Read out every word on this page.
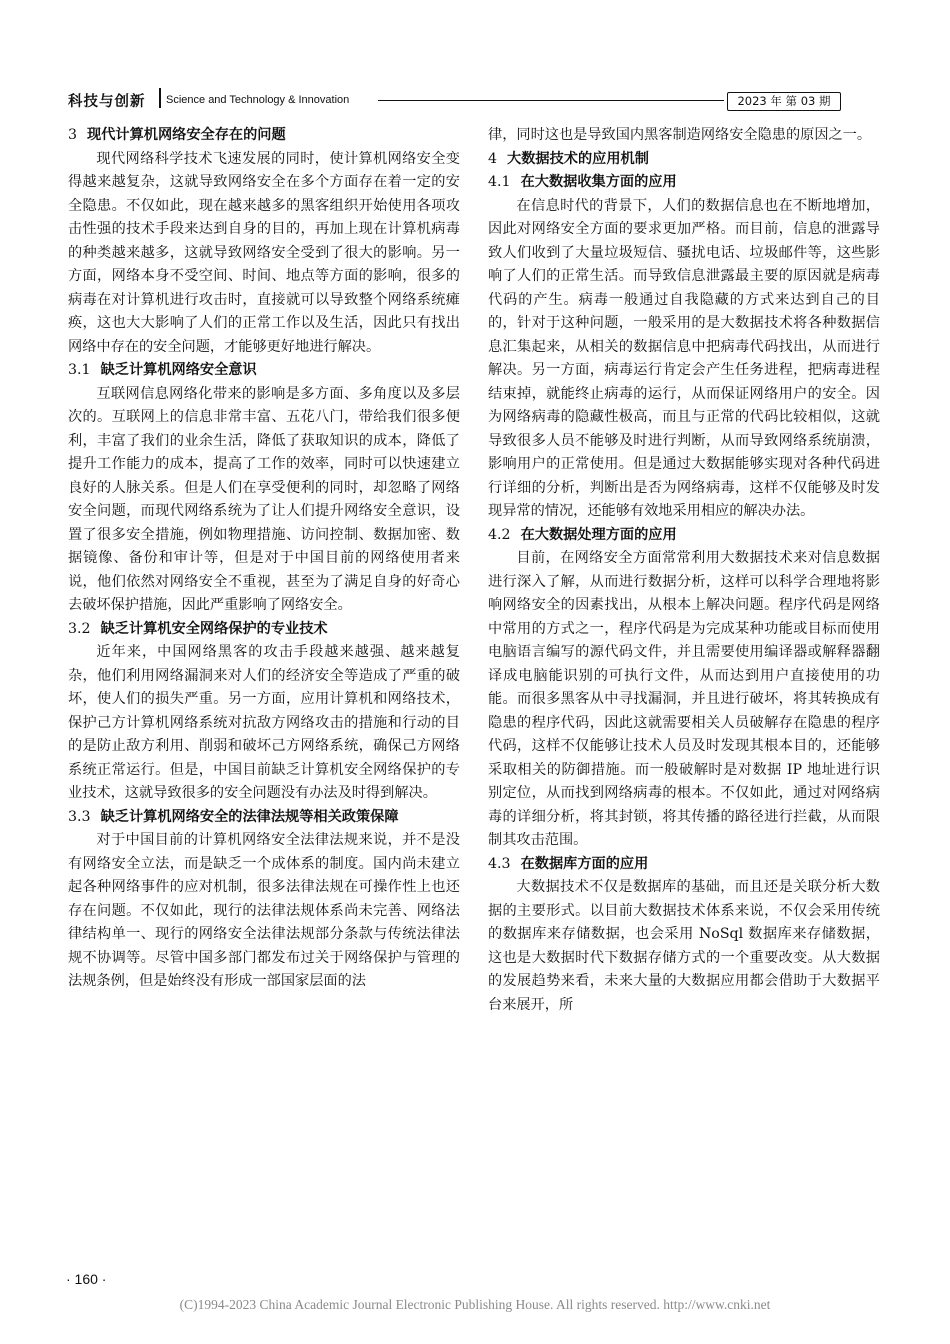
科技与创新 Science and Technology & Innovation	2023 年 第 03 期
3 现代计算机网络安全存在的问题

现代网络科学技术飞速发展的同时，使计算机网络安全变得越来越复杂，这就导致网络安全在多个方面存在着一定的安全隐患。不仅如此，现在越来越多的黑客组织开始使用各项攻击性强的技术手段来达到自身的目的，再加上现在计算机病毒的种类越来越多，这就导致网络安全受到了很大的影响。另一方面，网络本身不受空间、时间、地点等方面的影响，很多的病毒在对计算机进行攻击时，直接就可以导致整个网络系统瘫痪，这也大大影响了人们的正常工作以及生活，因此只有找出网络中存在的安全问题，才能够更好地进行解决。

3.1 缺乏计算机网络安全意识

互联网信息网络化带来的影响是多方面、多角度以及多层次的。互联网上的信息非常丰富、五花八门，带给我们很多便利，丰富了我们的业余生活，降低了获取知识的成本，降低了提升工作能力的成本，提高了工作的效率，同时可以快速建立良好的人脉关系。但是人们在享受便利的同时，却忽略了网络安全问题，而现代网络系统为了让人们提升网络安全意识，设置了很多安全措施，例如物理措施、访问控制、数据加密、数据镜像、备份和审计等，但是对于中国目前的网络使用者来说，他们依然对网络安全不重视，甚至为了满足自身的好奇心去破坏保护措施，因此严重影响了网络安全。

3.2 缺乏计算机安全网络保护的专业技术

近年来，中国网络黑客的攻击手段越来越强、越来越复杂，他们利用网络漏洞来对人们的经济安全等造成了严重的破坏，使人们的损失严重。另一方面，应用计算机和网络技术，保护己方计算机网络系统对抗敌方网络攻击的措施和行动的目的是防止敌方利用、削弱和破坏己方网络系统，确保己方网络系统正常运行。但是，中国目前缺乏计算机安全网络保护的专业技术，这就导致很多的安全问题没有办法及时得到解决。

3.3 缺乏计算机网络安全的法律法规等相关政策保障

对于中国目前的计算机网络安全法律法规来说，并不是没有网络安全立法，而是缺乏一个成体系的制度。国内尚未建立起各种网络事件的应对机制，很多法律法规在可操作性上也还存在问题。不仅如此，现行的法律法规体系尚未完善、网络法律结构单一、现行的网络安全法律法规部分条款与传统法律法规不协调等。尽管中国多部门都发布过关于网络保护与管理的法规条例，但是始终没有形成一部国家层面的法

律，同时这也是导致国内黑客制造网络安全隐患的原因之一。

4 大数据技术的应用机制
4.1 在大数据收集方面的应用

在信息时代的背景下，人们的数据信息也在不断地增加，因此对网络安全方面的要求更加严格。而目前，信息的泄露导致人们收到了大量垃圾短信、骚扰电话、垃圾邮件等，这些影响了人们的正常生活。而导致信息泄露最主要的原因就是病毒代码的产生。病毒一般通过自我隐藏的方式来达到自己的目的，针对于这种问题，一般采用的是大数据技术将各种数据信息汇集起来，从相关的数据信息中把病毒代码找出，从而进行解决。另一方面，病毒运行肯定会产生任务进程，把病毒进程结束掉，就能终止病毒的运行，从而保证网络用户的安全。因为网络病毒的隐藏性极高，而且与正常的代码比较相似，这就导致很多人员不能够及时进行判断，从而导致网络系统崩溃，影响用户的正常使用。但是通过大数据能够实现对各种代码进行详细的分析，判断出是否为网络病毒，这样不仅能够及时发现异常的情况，还能够有效地采用相应的解决办法。

4.2 在大数据处理方面的应用

目前，在网络安全方面常常利用大数据技术来对信息数据进行深入了解，从而进行数据分析，这样可以科学合理地将影响网络安全的因素找出，从根本上解决问题。程序代码是网络中常用的方式之一，程序代码是为完成某种功能或目标而使用电脑语言编写的源代码文件，并且需要使用编译器或解释器翻译成电脑能识别的可执行文件，从而达到用户直接使用的功能。而很多黑客从中寻找漏洞，并且进行破坏，将其转换成有隐患的程序代码，因此这就需要相关人员破解存在隐患的程序代码，这样不仅能够让技术人员及时发现其根本目的，还能够采取相关的防御措施。而一般破解时是对数据 IP 地址进行识别定位，从而找到网络病毒的根本。不仅如此，通过对网络病毒的详细分析，将其封锁，将其传播的路径进行拦截，从而限制其攻击范围。

4.3 在数据库方面的应用

大数据技术不仅是数据库的基础，而且还是关联分析大数据的主要形式。以目前大数据技术体系来说，不仅会采用传统的数据库来存储数据，也会采用 NoSql 数据库来存储数据，这也是大数据时代下数据存储方式的一个重要改变。从大数据的发展趋势来看，未来大量的大数据应用都会借助于大数据平台来展开，所

· 160 ·
(C)1994-2023 China Academic Journal Electronic Publishing House. All rights reserved. http://www.cnki.net
